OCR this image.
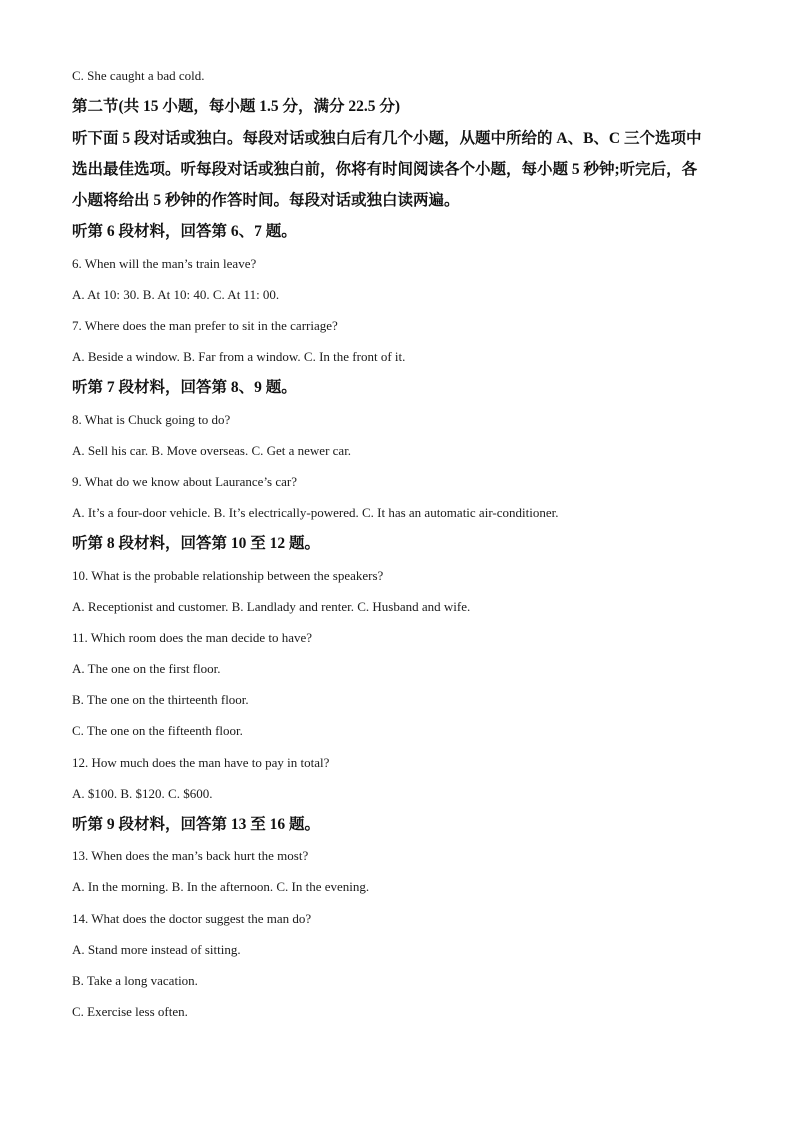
C. She caught a bad cold.
第二节(共 15 小题，每小题 1.5 分，满分 22.5 分)
听下面 5 段对话或独白。每段对话或独白后有几个小题，从题中所给的 A、B、C 三个选项中
选出最佳选项。听每段对话或独白前，你将有时间阅读各个小题，每小题 5 秒钟;听完后，各
小题将给出 5 秒钟的作答时间。每段对话或独白读两遍。
听第 6 段材料，回答第 6、7 题。
6. When will the man’s train leave?
A. At 10: 30. B. At 10: 40. C. At 11: 00.
7. Where does the man prefer to sit in the carriage?
A. Beside a window. B. Far from a window. C. In the front of it.
听第 7 段材料，回答第 8、9 题。
8. What is Chuck going to do?
A. Sell his car. B. Move overseas. C. Get a newer car.
9. What do we know about Laurance’s car?
A. It’s a four-door vehicle. B. It’s electrically-powered. C. It has an automatic air-conditioner.
听第 8 段材料，回答第 10 至 12 题。
10. What is the probable relationship between the speakers?
A. Receptionist and customer. B. Landlady and renter. C. Husband and wife.
11. Which room does the man decide to have?
A. The one on the first floor.
B. The one on the thirteenth floor.
C. The one on the fifteenth floor.
12. How much does the man have to pay in total?
A. $100. B. $120. C. $600.
听第 9 段材料，回答第 13 至 16 题。
13. When does the man’s back hurt the most?
A. In the morning. B. In the afternoon. C. In the evening.
14. What does the doctor suggest the man do?
A. Stand more instead of sitting.
B. Take a long vacation.
C. Exercise less often.
